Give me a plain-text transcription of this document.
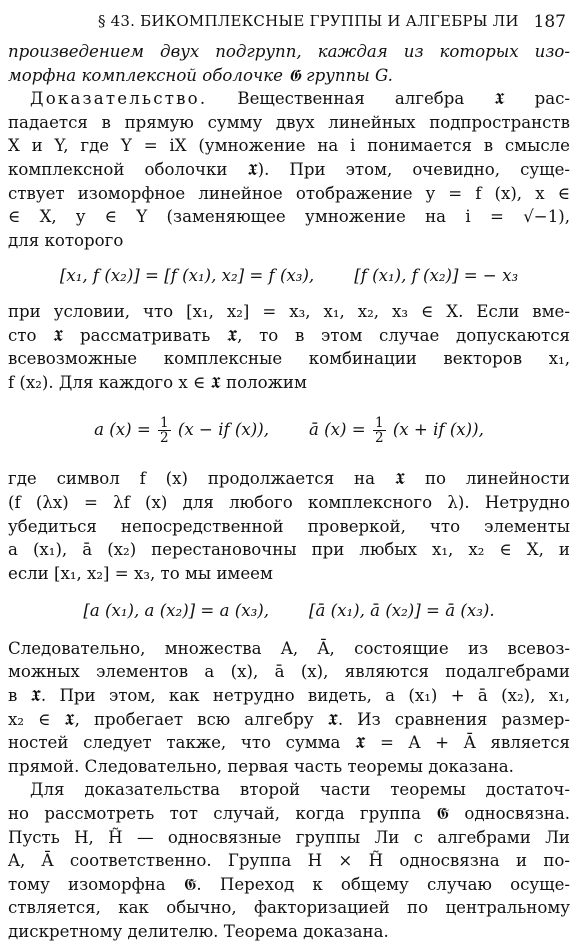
§ 43. БИКОМПЛЕКСНЫЕ ГРУППЫ И АЛГЕБРЫ ЛИ 187

произведением двух подгрупп, каждая из которых изо-

морфна комплексной оболочке 𝕲 группы G.

Доказательство. Вещественная алгебра 𝖃 рас-

падается в прямую сумму двух линейных подпространств

X и Y, где Y = iX (умножение на i понимается в смысле

комплексной оболочки 𝖃). При этом, очевидно, суще-

ствует изоморфное линейное отображение y = f (x), x ∈

∈ X, y ∈ Y (заменяющее умножение на i = √−1),

для которого

[x₁, f (x₂)] = [f (x₁), x₂] = f (x₃), [f (x₁), f (x₂)] = − x₃

при условии, что [x₁, x₂] = x₃, x₁, x₂, x₃ ∈ X. Если вме-

сто 𝖃 рассматривать 𝖃̃, то в этом случае допускаются

всевозможные комплексные комбинации векторов x₁,

f (x₂). Для каждого x ∈ 𝖃 положим

a $(x) = \frac{1}{2} (x$ − if (x)), ā $(x) = \frac{1}{2} (x$ + if (x)),

где символ f (x) продолжается на 𝖃 по линейности

(f (λx) = λf (x) для любого комплексного λ). Нетрудно

убедиться непосредственной проверкой, что элементы

a (x₁), ā (x₂) перестановочны при любых x₁, x₂ ∈ X, и

если [x₁, x₂] = x₃, то мы имеем

[a (x₁), a (x₂)] = a (x₃), [ā (x₁), ā (x₂)] = ā (x₃).

Следовательно, множества A, Ā, состоящие из всевоз-

можных элементов a (x), ā (x), являются подалгебрами

в 𝖃̃. При этом, как нетрудно видеть, a (x₁) + ā (x₂), x₁,

x₂ ∈ 𝖃, пробегает всю алгебру 𝖃̃. Из сравнения размер-

ностей следует также, что сумма 𝖃̃ = A + Ā является

прямой. Следовательно, первая часть теоремы доказана.

Для доказательства второй части теоремы достаточ-

но рассмотреть тот случай, когда группа 𝕲̃ односвязна.

Пусть H, H̃ — односвязные группы Ли с алгебрами Ли

A, Ā соответственно. Группа H × H̃ односвязна и по-

тому изоморфна 𝕲̃. Переход к общему случаю осуще-

ствляется, как обычно, факторизацией по центральному

дискретному делителю. Теорема доказана.
